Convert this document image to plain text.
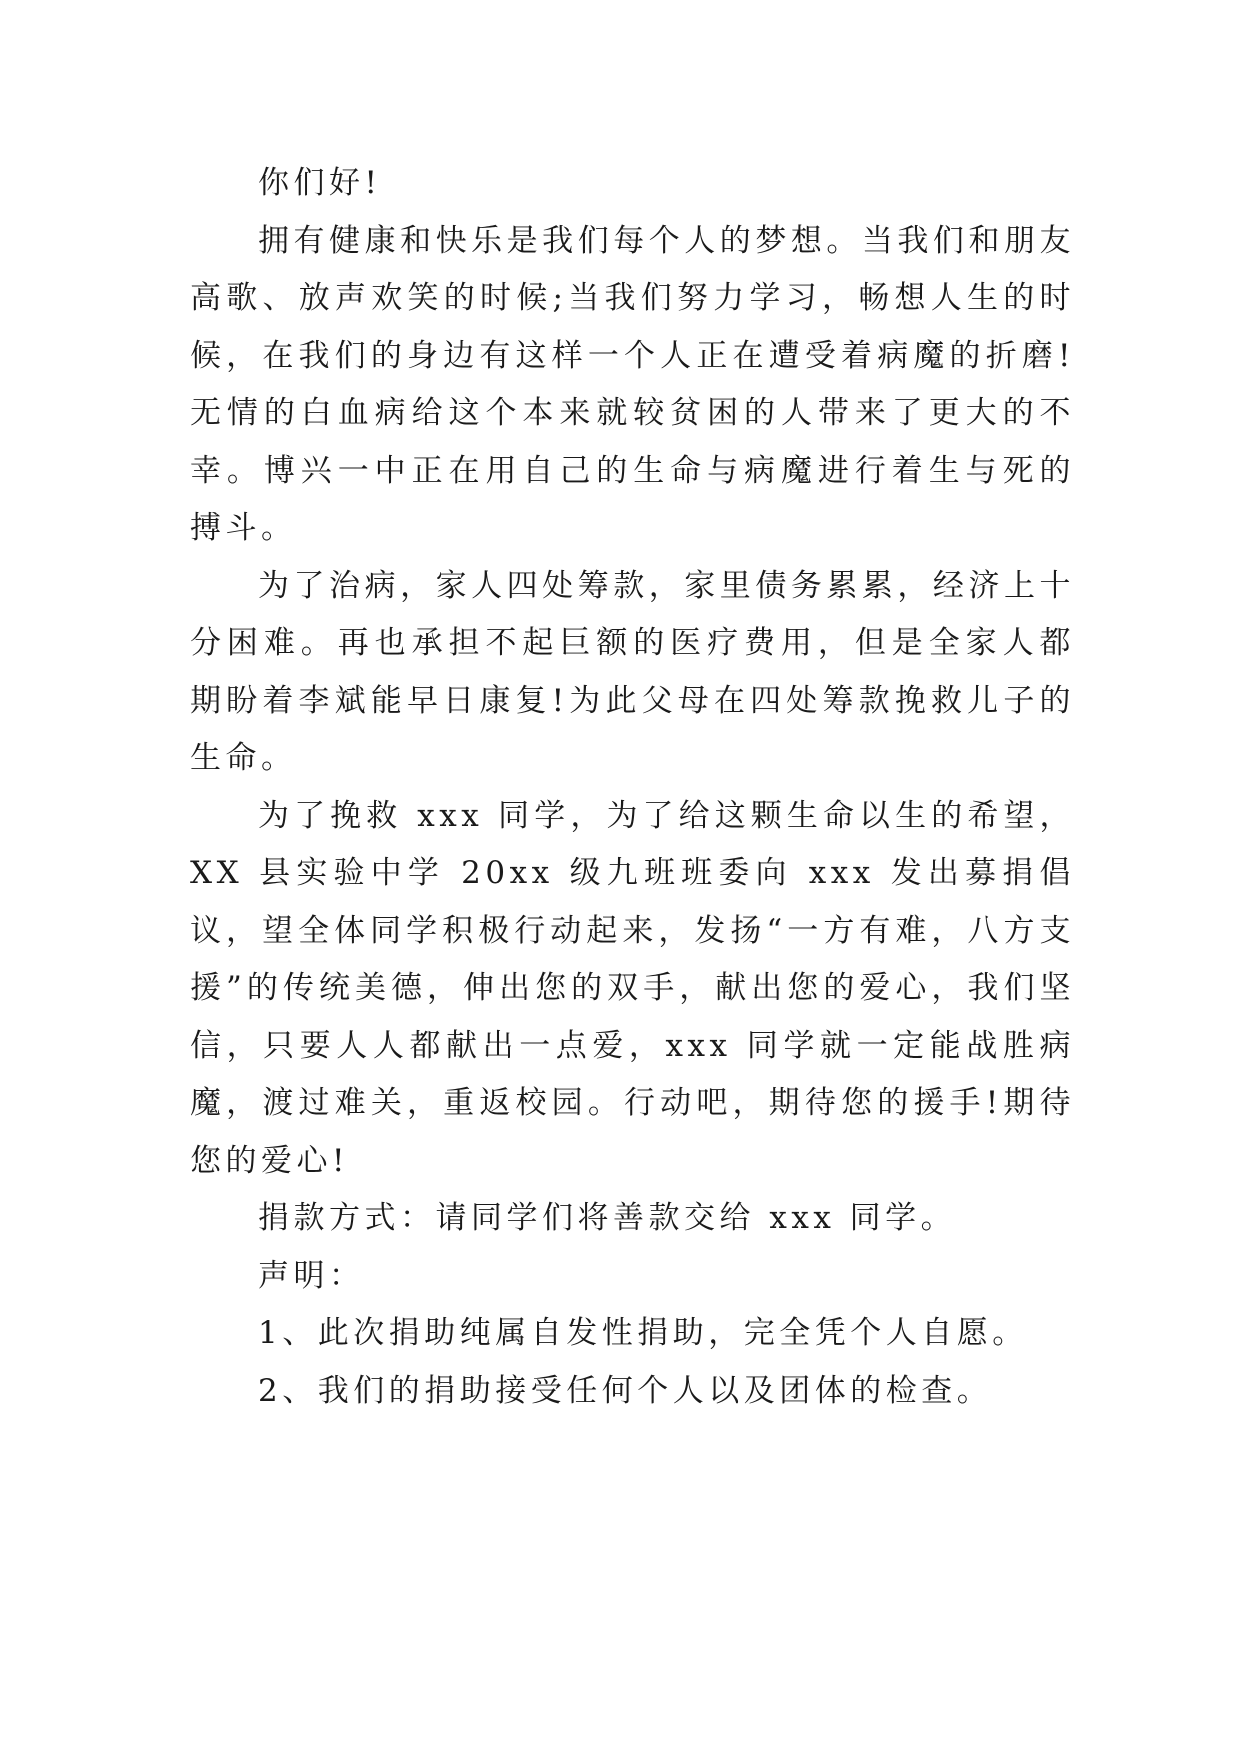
你们好!

拥有健康和快乐是我们每个人的梦想。当我们和朋友高歌、放声欢笑的时候;当我们努力学习，畅想人生的时候，在我们的身边有这样一个人正在遭受着病魔的折磨!无情的白血病给这个本来就较贫困的人带来了更大的不幸。博兴一中正在用自己的生命与病魔进行着生与死的搏斗。

为了治病，家人四处筹款，家里债务累累，经济上十分困难。再也承担不起巨额的医疗费用，但是全家人都期盼着李斌能早日康复!为此父母在四处筹款挽救儿子的生命。

为了挽救 xxx 同学，为了给这颗生命以生的希望，XX 县实验中学 20xx 级九班班委向 xxx 发出募捐倡议，望全体同学积极行动起来，发扬“一方有难，八方支援”的传统美德，伸出您的双手，献出您的爱心，我们坚信，只要人人都献出一点爱，xxx 同学就一定能战胜病魔，渡过难关，重返校园。行动吧，期待您的援手!期待您的爱心!

捐款方式：请同学们将善款交给 xxx 同学。

声明：

1、此次捐助纯属自发性捐助，完全凭个人自愿。

2、我们的捐助接受任何个人以及团体的检查。
